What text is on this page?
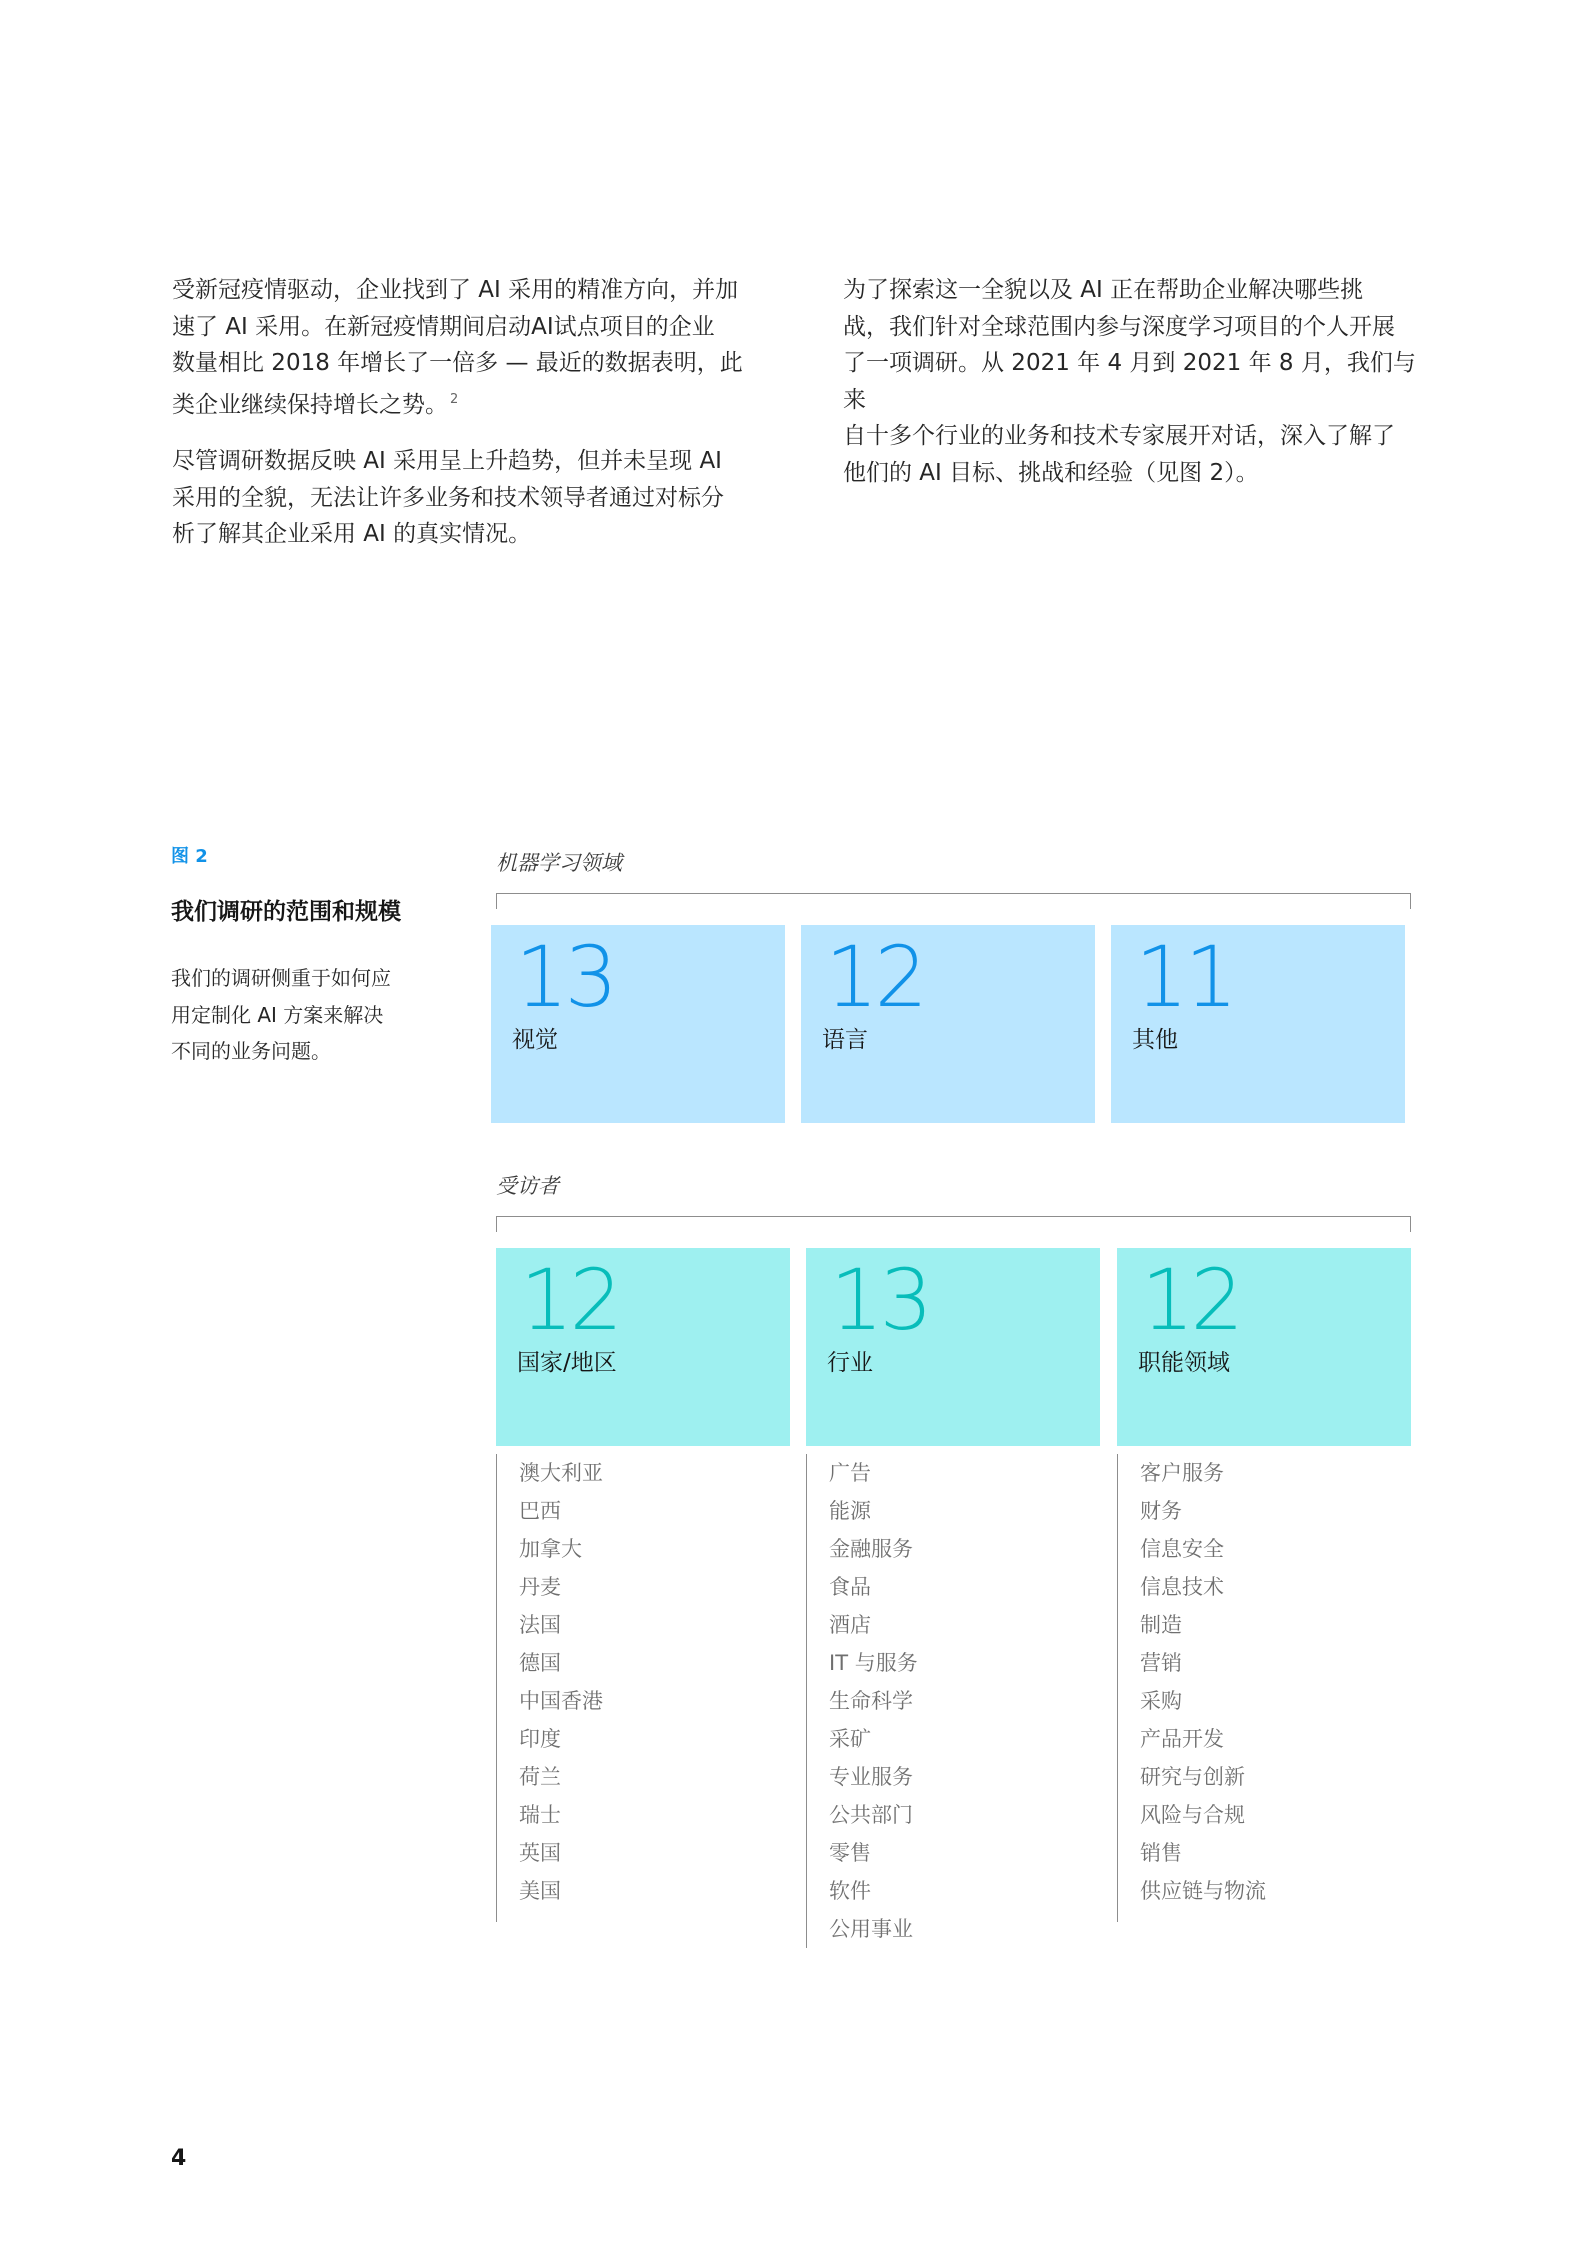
受新冠疫情驱动，企业找到了 AI 采用的精准方向，并加
速了 AI 采用。在新冠疫情期间启动AI试点项目的企业
数量相比 2018 年增长了一倍多 — 最近的数据表明，此
类企业继续保持增长之势。 $^2$

尽管调研数据反映 AI 采用呈上升趋势，但并未呈现 AI
采用的全貌，无法让许多业务和技术领导者通过对标分
析了解其企业采用 AI 的真实情况。

为了探索这一全貌以及 AI 正在帮助企业解决哪些挑
战，我们针对全球范围内参与深度学习项目的个人开展
了一项调研。从 2021 年 4 月到 2021 年 8 月，我们与来
自十多个行业的业务和技术专家展开对话，深入了解了
他们的 AI 目标、挑战和经验（见图 2）。

图 2
我们调研的范围和规模

我们的调研侧重于如何应
用定制化 AI 方案来解决
不同的业务问题。

机器学习领域
13
视觉
12
语言
11
其他
受访者
12
国家/地区
13
行业
12
职能领域
澳大利亚
巴西
加拿大
丹麦
法国
德国
中国香港
印度
荷兰
瑞士
英国
美国
广告
能源
金融服务
食品
酒店
IT 与服务
生命科学
采矿
专业服务
公共部门
零售
软件
公用事业
客户服务
财务
信息安全
信息技术
制造
营销
采购
产品开发
研究与创新
风险与合规
销售
供应链与物流
4
